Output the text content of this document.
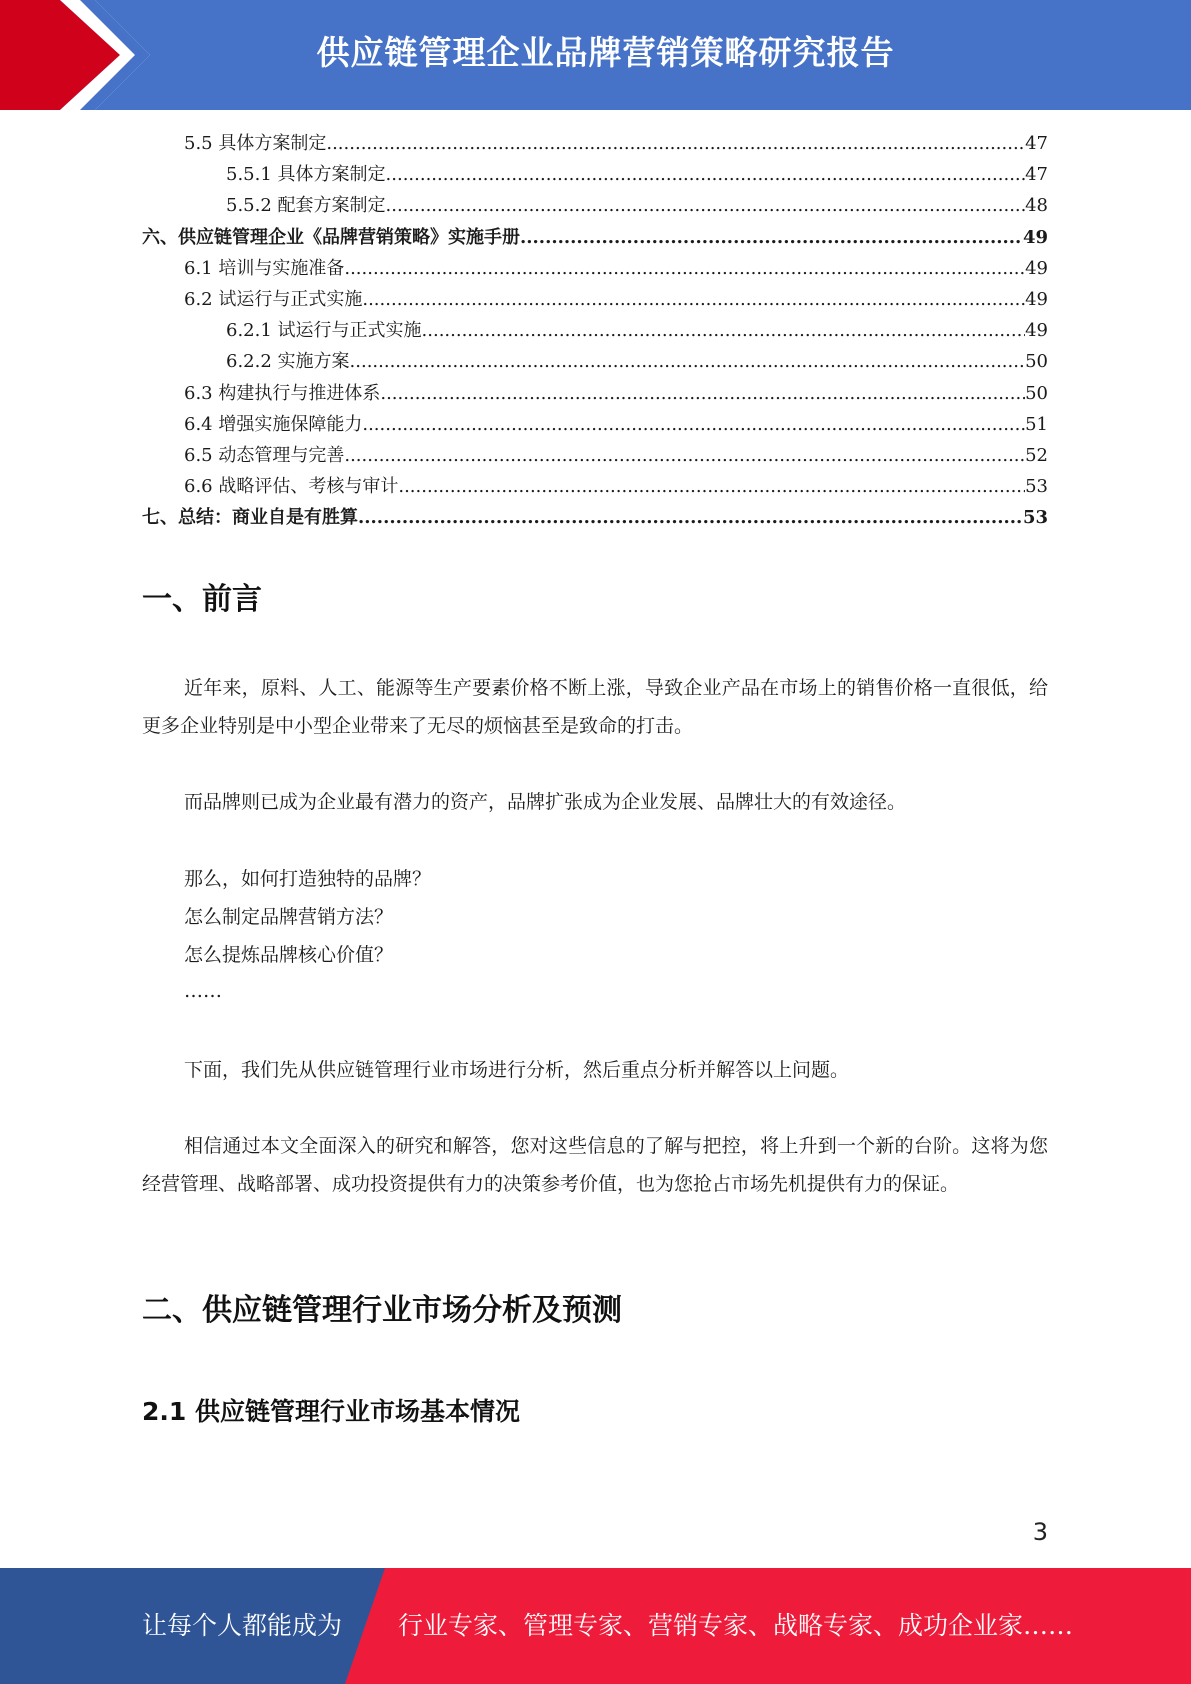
供应链管理企业品牌营销策略研究报告
5.5 具体方案制定 .....	47
5.5.1 具体方案制定 .....	47
5.5.2 配套方案制定 .....	48
六、供应链管理企业《品牌营销策略》实施手册 .....	49
6.1 培训与实施准备 .....	49
6.2 试运行与正式实施 .....	49
6.2.1 试运行与正式实施 .....	49
6.2.2 实施方案 .....	50
6.3 构建执行与推进体系 .....	50
6.4 增强实施保障能力 .....	51
6.5 动态管理与完善 .....	52
6.6 战略评估、考核与审计 .....	53
七、总结：商业自是有胜算 .....	53
一、前言

近年来，原料、人工、能源等生产要素价格不断上涨，导致企业产品在市场上的销售价格一直很低，给更多企业特别是中小型企业带来了无尽的烦恼甚至是致命的打击。

而品牌则已成为企业最有潜力的资产，品牌扩张成为企业发展、品牌壮大的有效途径。

那么，如何打造独特的品牌？

怎么制定品牌营销方法？

怎么提炼品牌核心价值？

……

下面，我们先从供应链管理行业市场进行分析，然后重点分析并解答以上问题。

相信通过本文全面深入的研究和解答，您对这些信息的了解与把控，将上升到一个新的台阶。这将为您经营管理、战略部署、成功投资提供有力的决策参考价值，也为您抢占市场先机提供有力的保证。

二、供应链管理行业市场分析及预测
2.1 供应链管理行业市场基本情况
3
让每个人都能成为 行业专家、管理专家、营销专家、战略专家、成功企业家……
